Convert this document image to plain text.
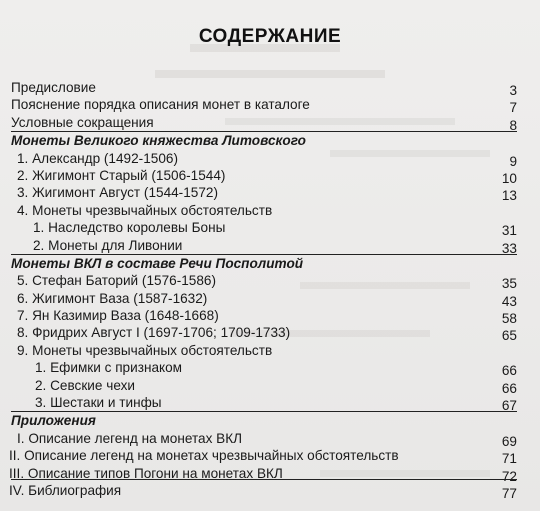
СОДЕРЖАНИЕ
Предисловие	3
Пояснение порядка описания монет в каталоге	7
Условные сокращения	8
Монеты Великого княжества Литовского
1. Александр (1492-1506)	9
2. Жигимонт Старый (1506-1544)	10
3. Жигимонт Август (1544-1572)	13
4. Монеты чрезвычайных обстоятельств
1. Наследство королевы Боны	31
2. Монеты для Ливонии	33
Монеты ВКЛ в составе Речи Посполитой
5. Стефан Баторий (1576-1586)	35
6. Жигимонт Ваза (1587-1632)	43
7. Ян Казимир Ваза (1648-1668)	58
8. Фридрих Август I (1697-1706; 1709-1733)	65
9. Монеты чрезвычайных обстоятельств
1. Ефимки с признаком	66
2. Севские чехи	66
3. Шестаки и тинфы	67
Приложения
I. Описание легенд на монетах ВКЛ	69
II. Описание легенд на монетах чрезвычайных обстоятельств	71
III. Описание типов Погони на монетах ВКЛ	72
IV. Библиография	77
